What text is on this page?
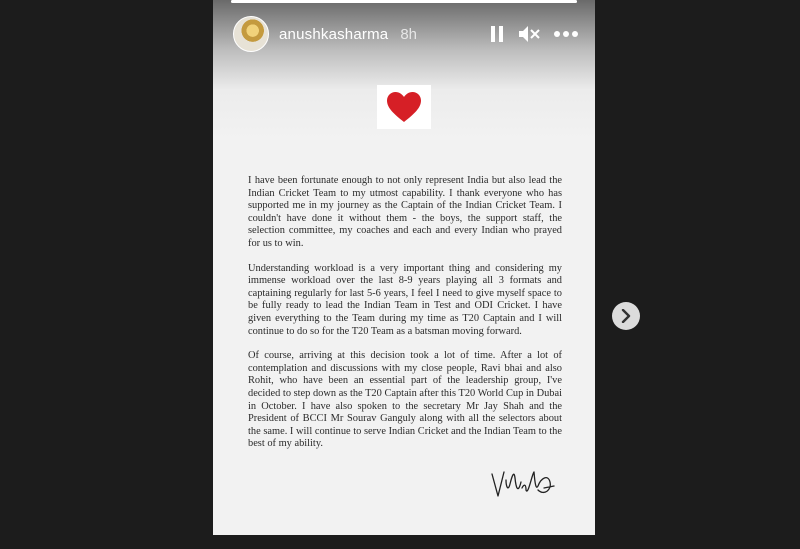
anushkasharma 8h

I have been fortunate enough to not only represent India but also lead the Indian Cricket Team to my utmost capability. I thank everyone who has supported me in my journey as the Captain of the Indian Cricket Team. I couldn't have done it without them - the boys, the support staff, the selection committee, my coaches and each and every Indian who prayed for us to win.

Understanding workload is a very important thing and considering my immense workload over the last 8-9 years playing all 3 formats and captaining regularly for last 5-6 years, I feel I need to give myself space to be fully ready to lead the Indian Team in Test and ODI Cricket. I have given everything to the Team during my time as T20 Captain and I will continue to do so for the T20 Team as a batsman moving forward.

Of course, arriving at this decision took a lot of time. After a lot of contemplation and discussions with my close people, Ravi bhai and also Rohit, who have been an essential part of the leadership group, I've decided to step down as the T20 Captain after this T20 World Cup in Dubai in October. I have also spoken to the secretary Mr Jay Shah and the President of BCCI Mr Sourav Ganguly along with all the selectors about the same. I will continue to serve Indian Cricket and the Indian Team to the best of my ability.
